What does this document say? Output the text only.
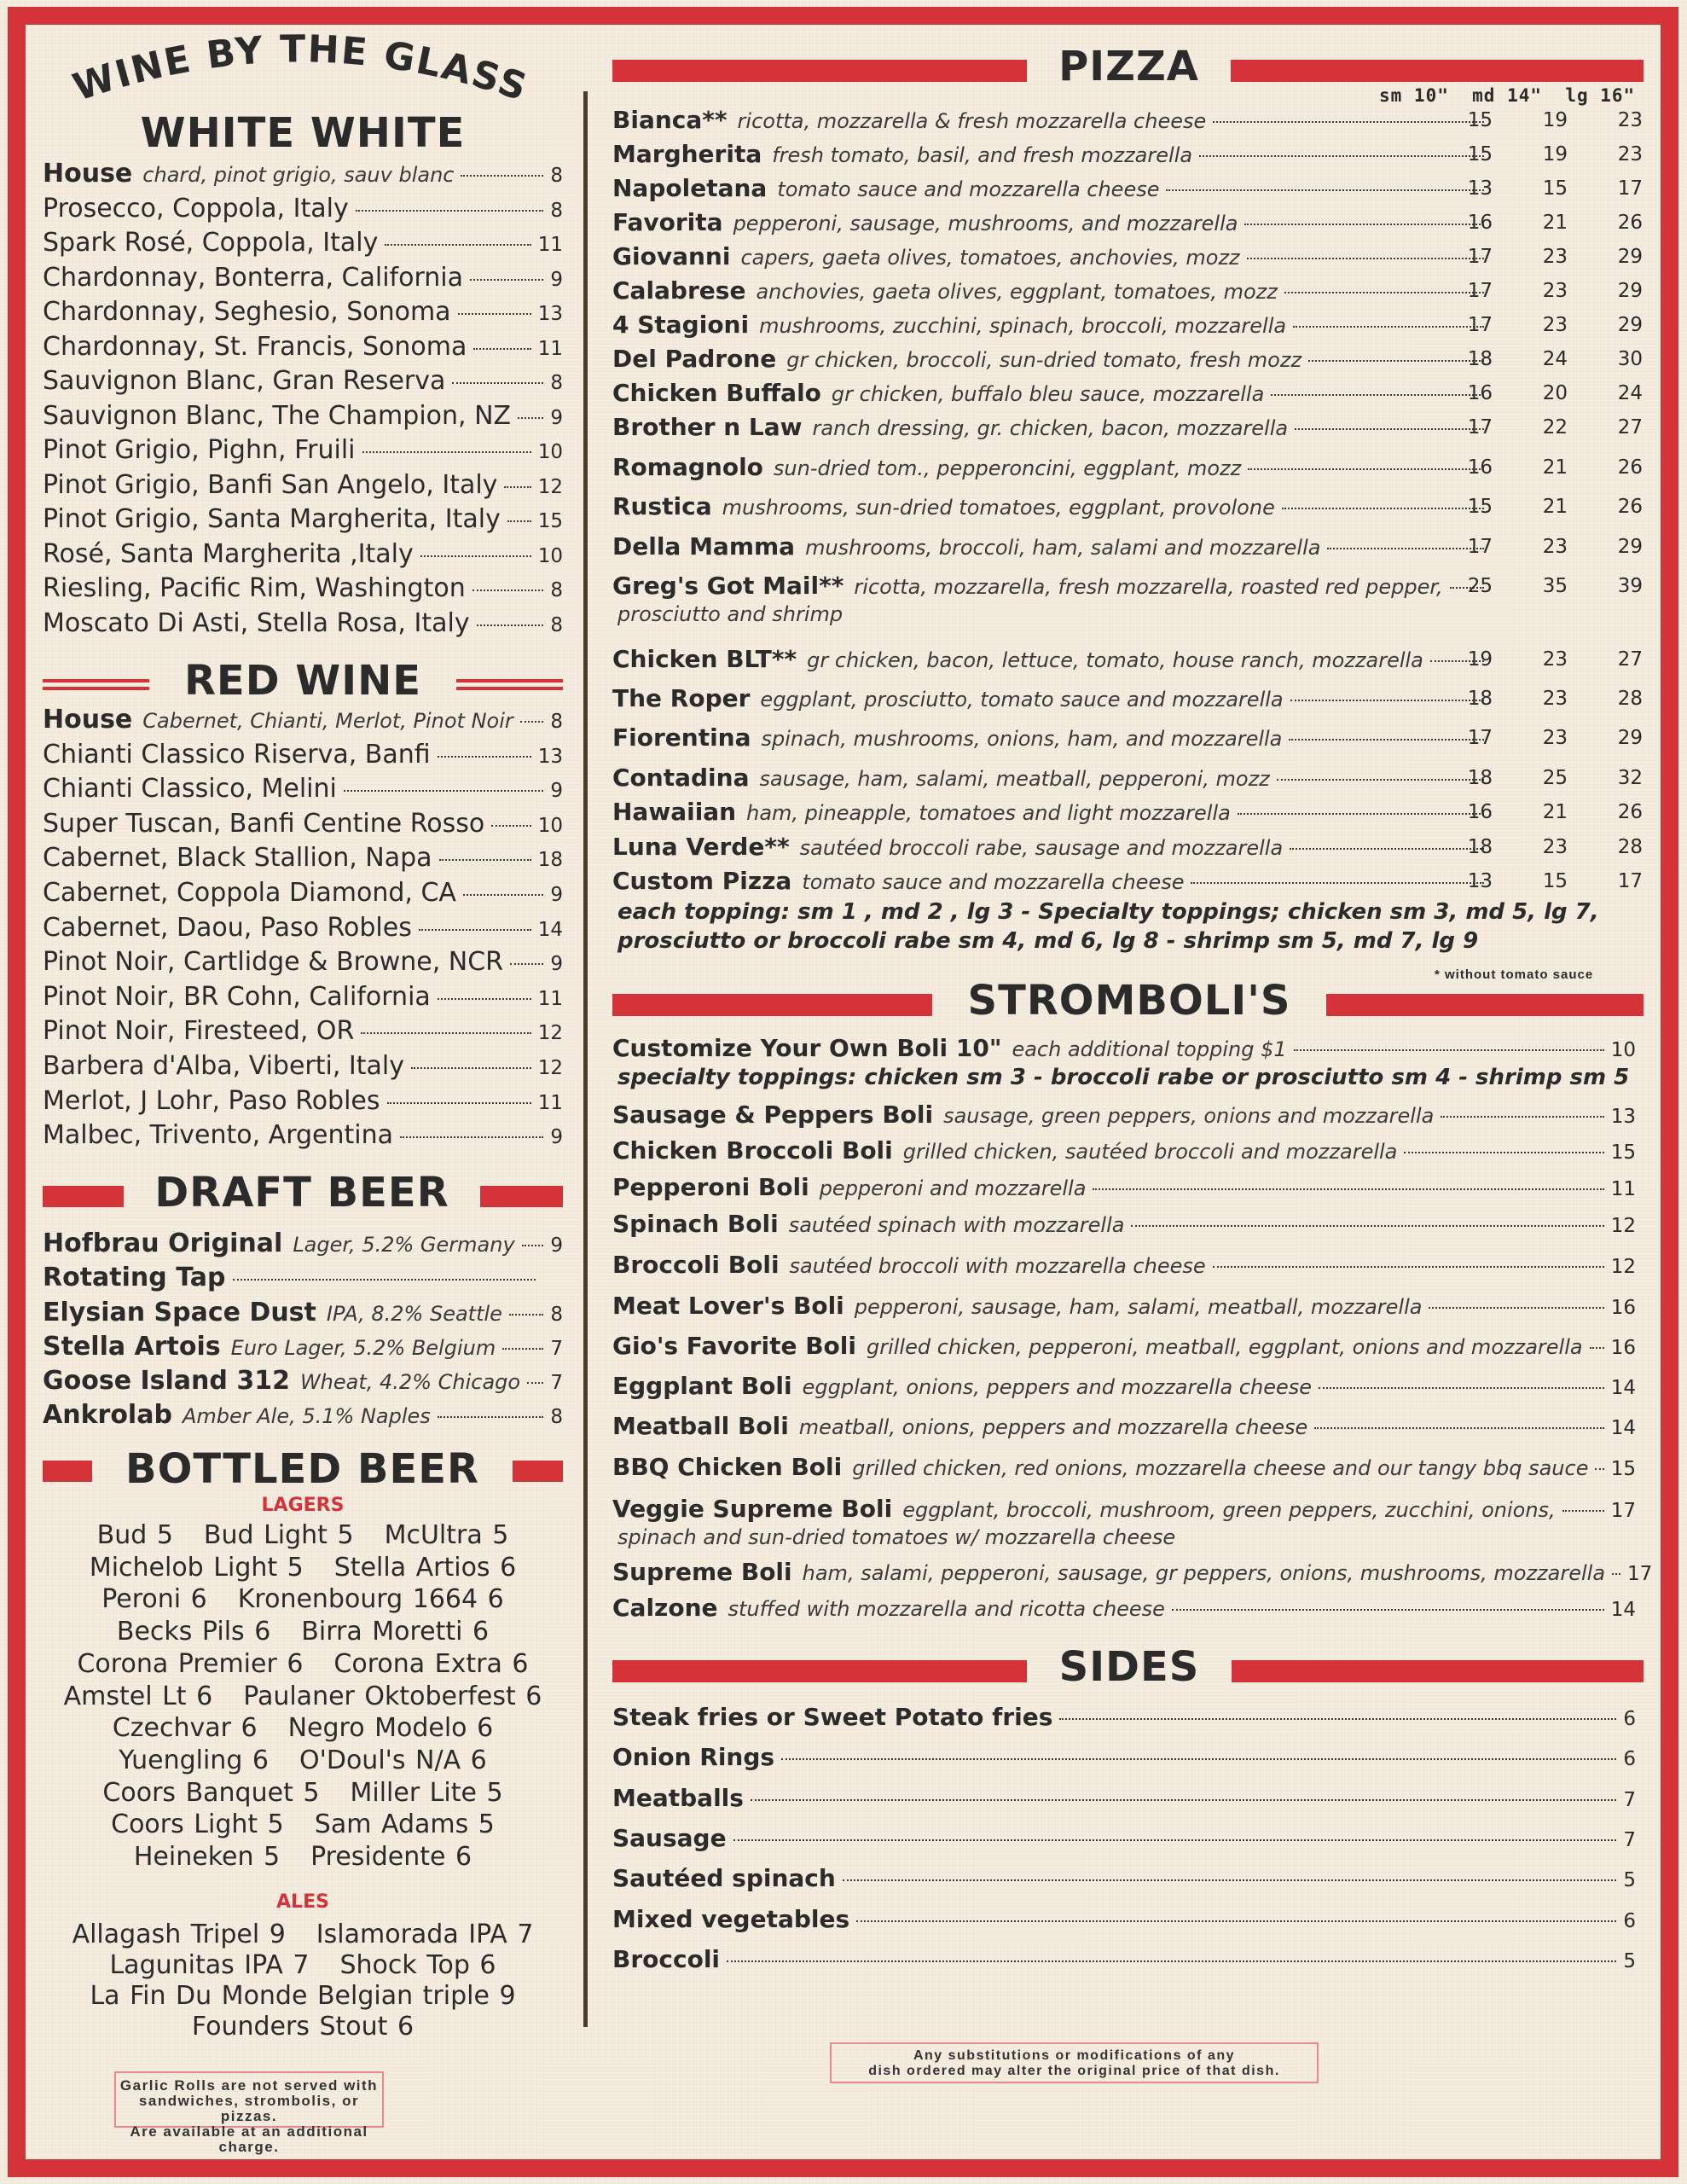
WINE BY THE GLASS
WHITE WHITE
House chard, pinot grigio, sauv blanc	8
Prosecco, Coppola, Italy	8
Spark Rosé, Coppola, Italy	11
Chardonnay, Bonterra, California	9
Chardonnay, Seghesio, Sonoma	13
Chardonnay, St. Francis, Sonoma	11
Sauvignon Blanc, Gran Reserva	8
Sauvignon Blanc, The Champion, NZ 9
Pinot Grigio, Pighn, Fruili	10
Pinot Grigio, Banfi San Angelo, Italy 12
Pinot Grigio, Santa Margherita, Italy 15
Rosé, Santa Margherita ,Italy	10
Riesling, Pacific Rim, Washington	8
Moscato Di Asti, Stella Rosa, Italy	8
RED WINE
House Cabernet, Chianti, Merlot, Pinot Noir 8
Chianti Classico Riserva, Banfi	13
Chianti Classico, Melini	9
Super Tuscan, Banfi Centine Rosso	10
Cabernet, Black Stallion, Napa	18
Cabernet, Coppola Diamond, CA	9
Cabernet, Daou, Paso Robles	14
Pinot Noir, Cartlidge & Browne, NCR 9
Pinot Noir, BR Cohn, California	11
Pinot Noir, Firesteed, OR	12
Barbera d'Alba, Viberti, Italy	12
Merlot, J Lohr, Paso Robles	11
Malbec, Trivento, Argentina	9
DRAFT BEER
Hofbrau Original Lager, 5.2% Germany 9
Rotating Tap
Elysian Space Dust IPA, 8.2% Seattle 8
Stella Artois Euro Lager, 5.2% Belgium	7
Goose Island 312 Wheat, 4.2% Chicago 7
Ankrolab Amber Ale, 5.1% Naples	8
BOTTLED BEER
LAGERS
Bud 5 Bud Light 5 McUltra 5
Michelob Light 5 Stella Artios 6
Peroni 6 Kronenbourg 1664 6
Becks Pils 6 Birra Moretti 6
Corona Premier 6 Corona Extra 6
Amstel Lt 6 Paulaner Oktoberfest 6
Czechvar 6 Negro Modelo 6
Yuengling 6 O'Doul's N/A 6
Coors Banquet 5 Miller Lite 5
Coors Light 5 Sam Adams 5
Heineken 5 Presidente 6
ALES
Allagash Tripel 9 Islamorada IPA 7
Lagunitas IPA 7 Shock Top 6
La Fin Du Monde Belgian triple 9
Founders Stout 6
Garlic Rolls are not served with
sandwiches, strombolis, or pizzas.
Are available at an additional charge.
PIZZA
sm 10" md 14" lg 16"
Bianca** ricotta, mozzarella & fresh mozzarella cheese	15	19	23
Margherita fresh tomato, basil, and fresh mozzarella	15	19	23
Napoletana tomato sauce and mozzarella cheese	13	15	17
Favorita pepperoni, sausage, mushrooms, and mozzarella	16	21	26
Giovanni capers, gaeta olives, tomatoes, anchovies, mozz	17	23	29
Calabrese anchovies, gaeta olives, eggplant, tomatoes, mozz	17	23	29
4 Stagioni mushrooms, zucchini, spinach, broccoli, mozzarella	17	23	29
Del Padrone gr chicken, broccoli, sun-dried tomato, fresh mozz	18	24	30
Chicken Buffalo gr chicken, buffalo bleu sauce, mozzarella	16	20	24
Brother n Law ranch dressing, gr. chicken, bacon, mozzarella	17	22	27
Romagnolo sun-dried tom., pepperoncini, eggplant, mozz	16	21	26
Rustica mushrooms, sun-dried tomatoes, eggplant, provolone	15	21	26
Della Mamma mushrooms, broccoli, ham, salami and mozzarella	17	23	29
Greg's Got Mail** ricotta, mozzarella, fresh mozzarella, roasted red pepper,	25	35	39
prosciutto and shrimp
Chicken BLT** gr chicken, bacon, lettuce, tomato, house ranch, mozzarella	19	23	27
The Roper eggplant, prosciutto, tomato sauce and mozzarella	18	23	28
Fiorentina spinach, mushrooms, onions, ham, and mozzarella	17	23	29
Contadina sausage, ham, salami, meatball, pepperoni, mozz	18	25	32
Hawaiian ham, pineapple, tomatoes and light mozzarella	16	21	26
Luna Verde** sautéed broccoli rabe, sausage and mozzarella	18	23	28
Custom Pizza tomato sauce and mozzarella cheese	13	15	17
each topping: sm 1 , md 2 , lg 3 - Specialty toppings; chicken sm 3, md 5, lg 7,
prosciutto or broccoli rabe sm 4, md 6, lg 8 - shrimp sm 5, md 7, lg 9
* without tomato sauce
STROMBOLI'S
Customize Your Own Boli 10" each additional topping $1	10
Sausage & Peppers Boli sausage, green peppers, onions and mozzarella	13
Chicken Broccoli Boli grilled chicken, sautéed broccoli and mozzarella	15
Pepperoni Boli pepperoni and mozzarella	11
Spinach Boli sautéed spinach with mozzarella	12
Broccoli Boli sautéed broccoli with mozzarella cheese	12
Meat Lover's Boli pepperoni, sausage, ham, salami, meatball, mozzarella	16
Gio's Favorite Boli grilled chicken, pepperoni, meatball, eggplant, onions and mozzarella 16
Eggplant Boli eggplant, onions, peppers and mozzarella cheese	14
Meatball Boli meatball, onions, peppers and mozzarella cheese	14
BBQ Chicken Boli grilled chicken, red onions, mozzarella cheese and our tangy bbq sauce 15
Veggie Supreme Boli eggplant, broccoli, mushroom, green peppers, zucchini, onions,	17
spinach and sun-dried tomatoes w/ mozzarella cheese
Supreme Boli ham, salami, pepperoni, sausage, gr peppers, onions, mushrooms, mozzarella 17
Calzone stuffed with mozzarella and ricotta cheese	14
specialty toppings: chicken sm 3 - broccoli rabe or prosciutto sm 4 - shrimp sm 5
SIDES
Steak fries or Sweet Potato fries	6
Onion Rings	6
Meatballs	7
Sausage	7
Sautéed spinach	5
Mixed vegetables	6
Broccoli	5
Any substitutions or modifications of any
dish ordered may alter the original price of that dish.
